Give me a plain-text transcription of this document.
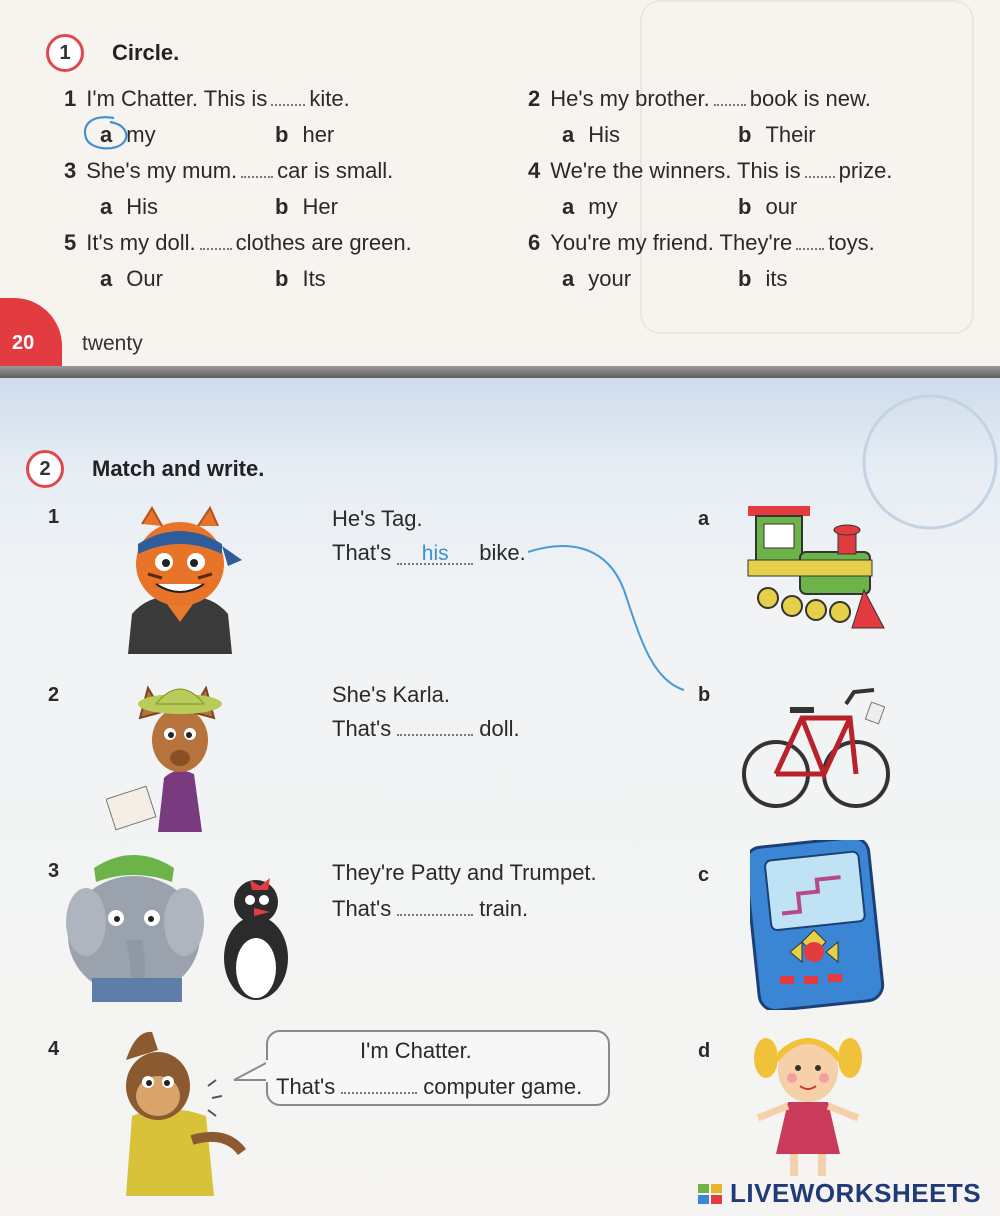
1	Circle.
1 I'm Chatter. This is kite.
a my	b her
2 He's my brother. book is new.
a His	b Their
3 She's my mum. car is small.
a His	b Her
4 We're the winners. This is prize.
a my	b our
5 It's my doll. clothes are green.
a Our	b Its
6 You're my friend. They're toys.
a your	b its
20 twenty
2	Match and write.
1	He's Tag.
That's his bike.
2	She's Karla.
That's	doll.
3	They're Patty and Trumpet.
That's	train.
4	I'm Chatter.
That's	computer game.
a
b
c
d
LIVEWORKSHEETS
